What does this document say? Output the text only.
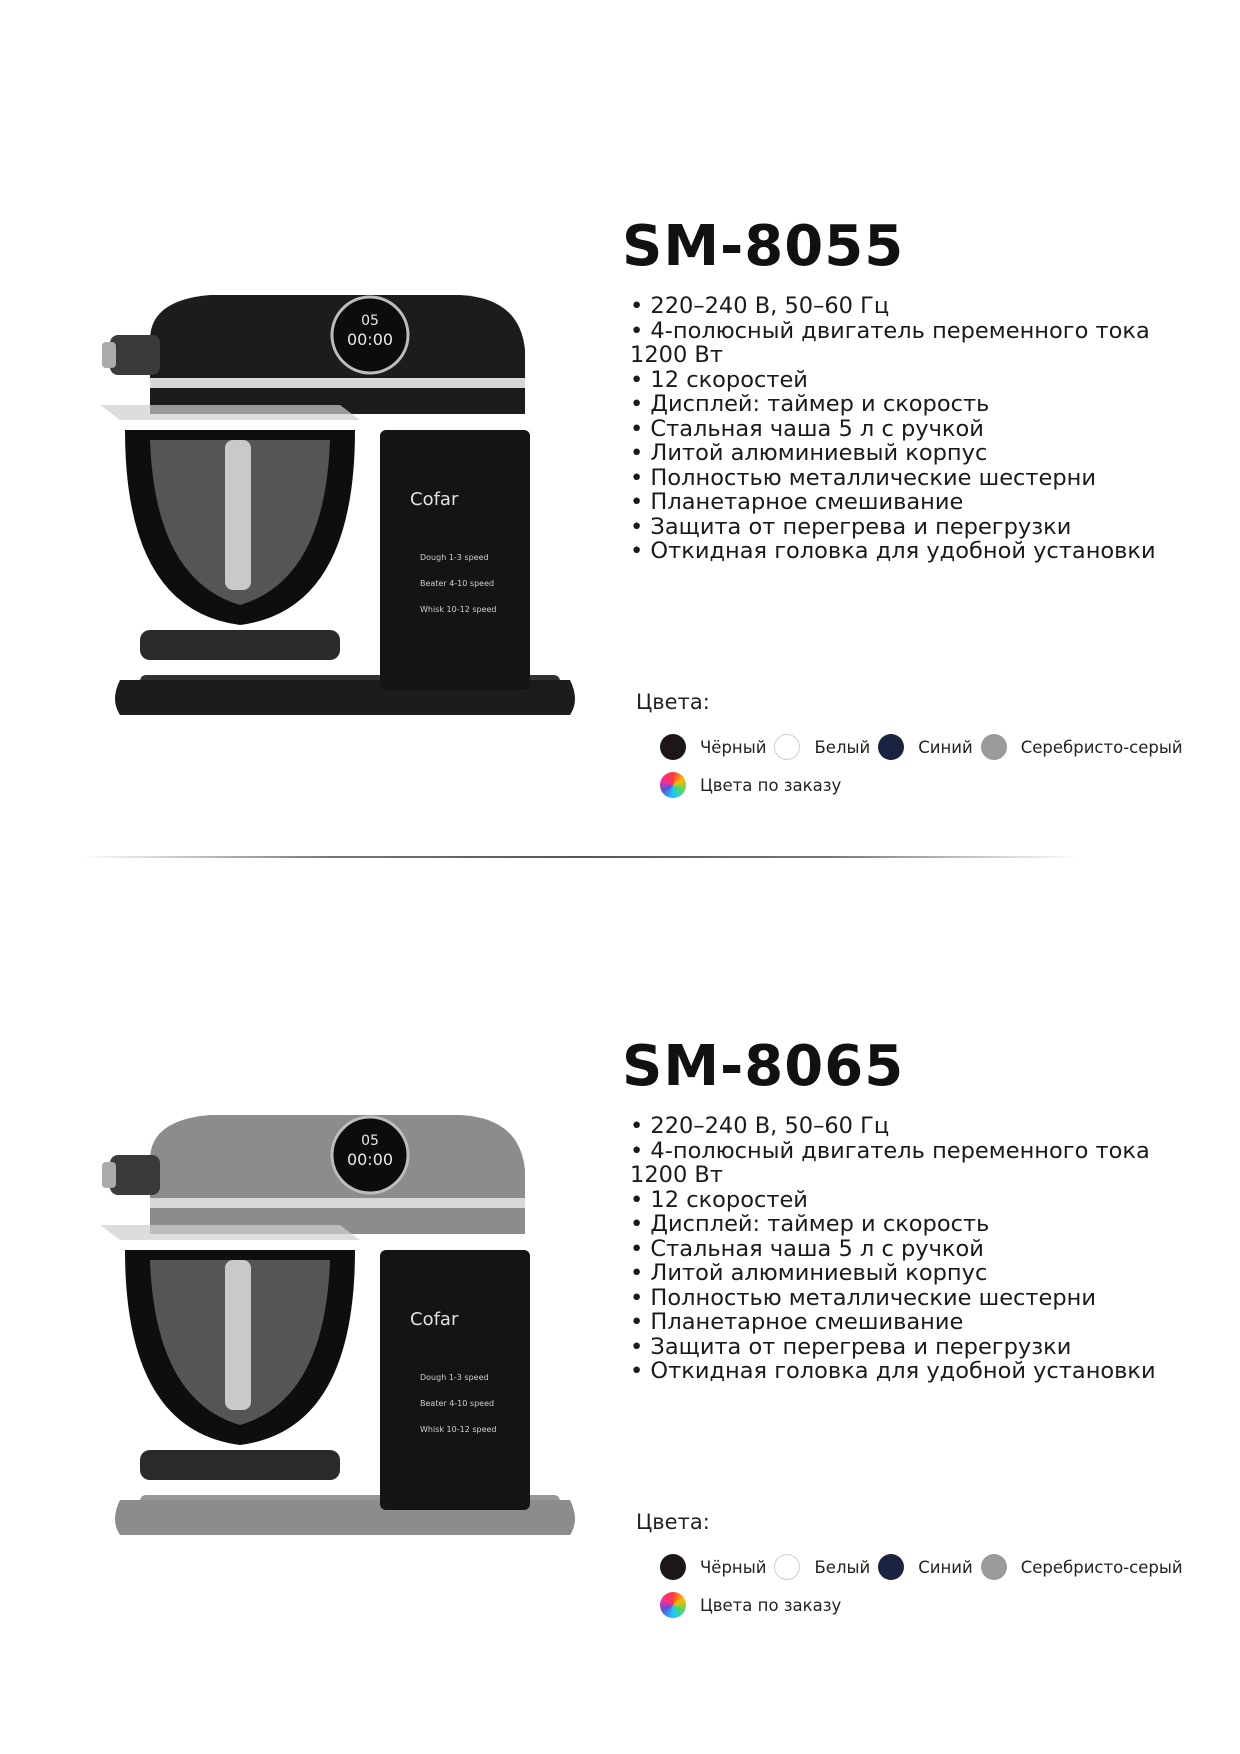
05
00:00
Cofar
Dough 1-3 speed
Beater 4-10 speed
Whisk 10-12 speed
SM-8055
• 220–240 В, 50–60 Гц
• 4-полюсный двигатель переменного тока 1200 Вт
• 12 скоростей
• Дисплей: таймер и скорость
• Стальная чаша 5 л с ручкой
• Литой алюминиевый корпус
• Полностью металлические шестерни
• Планетарное смешивание
• Защита от перегрева и перегрузки
• Откидная головка для удобной установки
Цвета:
Чёрный	Белый	Синий	Серебристо-серый
Цвета по заказу
05
00:00
Cofar
Dough 1-3 speed
Beater 4-10 speed
Whisk 10-12 speed
SM-8065
• 220–240 В, 50–60 Гц
• 4-полюсный двигатель переменного тока 1200 Вт
• 12 скоростей
• Дисплей: таймер и скорость
• Стальная чаша 5 л с ручкой
• Литой алюминиевый корпус
• Полностью металлические шестерни
• Планетарное смешивание
• Защита от перегрева и перегрузки
• Откидная головка для удобной установки
Цвета:
Чёрный	Белый	Синий	Серебристо-серый
Цвета по заказу
